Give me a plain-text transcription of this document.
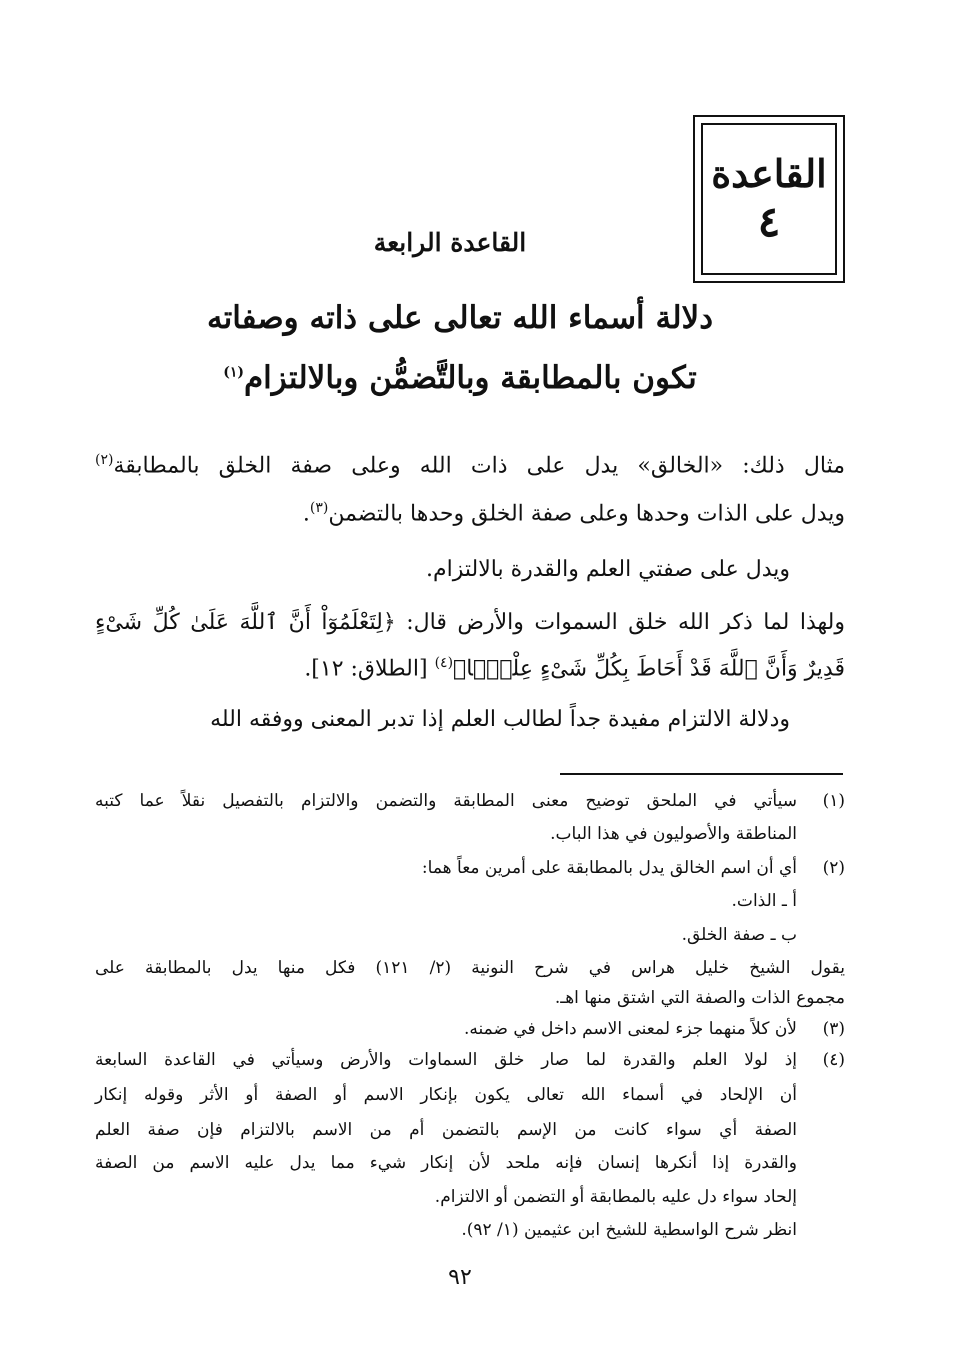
القاعدة
٤
القاعدة الرابعة
دلالة أسماء الله تعالى على ذاته وصفاته
تكون بالمطابقة وبالتَّضمُّن وبالالتزام$^{(١)}$
مثال ذلك: «الخالق» يدل على ذات الله وعلى صفة الخلق بالمطابقة$^{(٢)}$
ويدل على الذات وحدها وعلى صفة الخلق وحدها بالتضمن$^{(٣)}$.
ويدل على صفتي العلم والقدرة بالالتزام.
ولهذا لما ذكر الله خلق السموات والأرض قال: ﴿لِتَعْلَمُوٓاْ أَنَّ ٱللَّهَ عَلَىٰ كُلِّ شَىْءٍ
قَدِيرٌ وَأَنَّ ٱللَّهَ قَدْ أَحَاطَ بِكُلِّ شَىْءٍ عِلْمًۢا﴾$^{(٤)}$ [الطلاق: ١٢].
ودلالة الالتزام مفيدة جداً لطالب العلم إذا تدبر المعنى ووفقه الله
(١)
سيأتي في الملحق توضيح معنى المطابقة والتضمن والالتزام بالتفصيل نقلاً عما كتبه
المناطقة والأصوليون في هذا الباب.
(٢)
أي أن اسم الخالق يدل بالمطابقة على أمرين معاً هما:
أ ـ الذات.
ب ـ صفة الخلق.
يقول الشيخ خليل هراس في شرح النونية (٢/ ١٢١) فكل منها يدل بالمطابقة على
مجموع الذات والصفة التي اشتق منها اهـ.
(٣)
لأن كلاً منهما جزء لمعنى الاسم داخل في ضمنه.
(٤)
إذ لولا العلم والقدرة لما صار خلق السماوات والأرض وسيأتي في القاعدة السابعة
أن الإلحاد في أسماء الله تعالى يكون بإنكار الاسم أو الصفة أو الأثر وقوله إنكار
الصفة أي سواء كانت من الإسم بالتضمن أم من الاسم بالالتزام فإن صفة العلم
والقدرة إذا أنكرها إنسان فإنه ملحد لأن إنكار شيء مما يدل عليه الاسم من الصفة
إلحاد سواء دل عليه بالمطابقة أو التضمن أو الالتزام.
انظر شرح الواسطية للشيخ ابن عثيمين (١/ ٩٢).
٩٢
